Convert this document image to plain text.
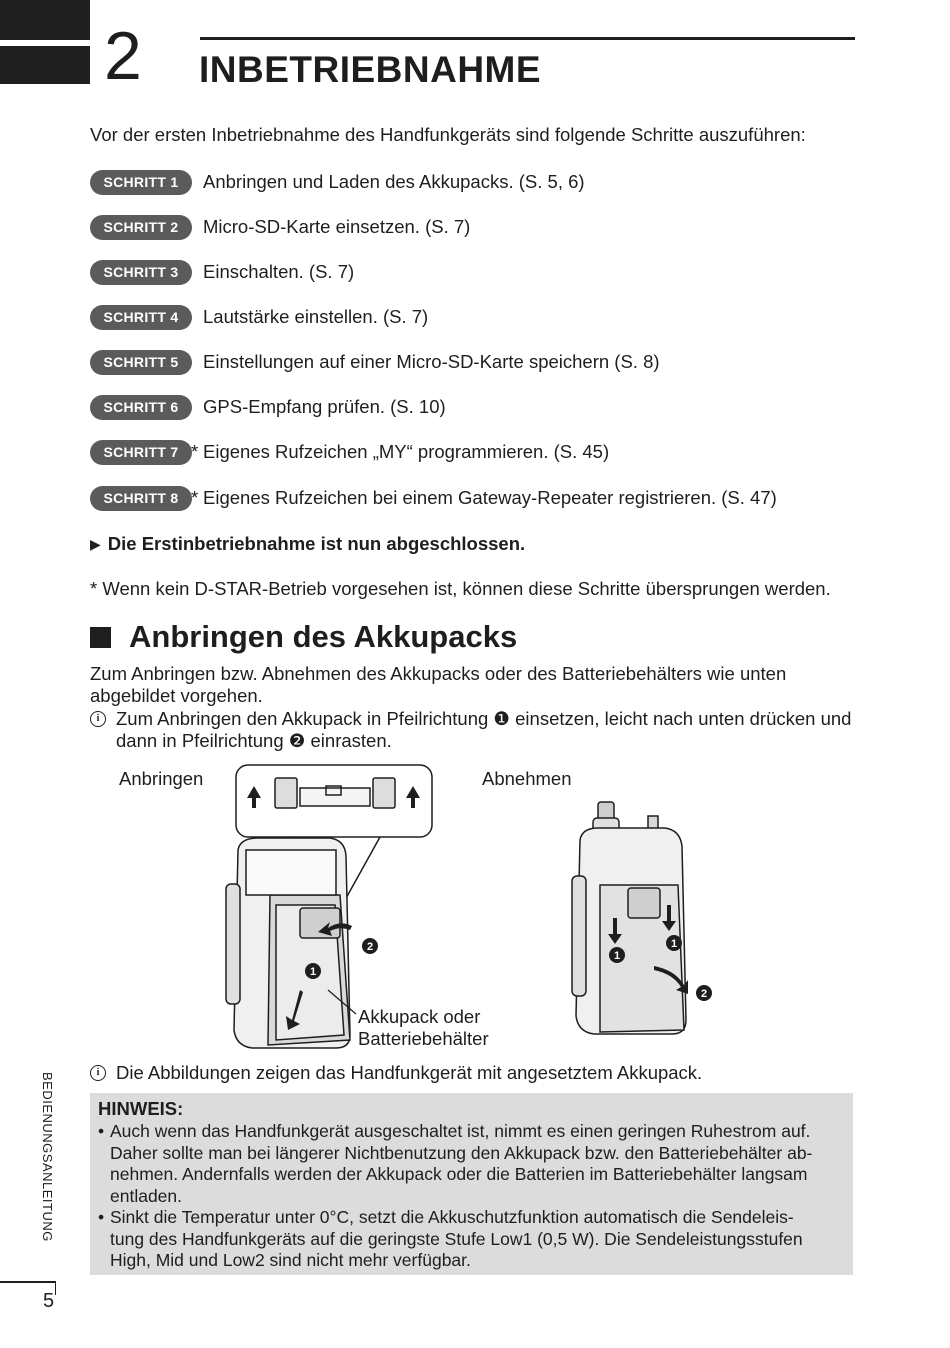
2 INBETRIEBNAHME
Vor der ersten Inbetriebnahme des Handfunkgeräts sind folgende Schritte auszuführen:
SCHRITT 1	Anbringen und Laden des Akkupacks. (S. 5, 6)
SCHRITT 2	Micro-SD-Karte einsetzen. (S. 7)
SCHRITT 3	Einschalten. (S. 7)
SCHRITT 4	Lautstärke einstellen. (S. 7)
SCHRITT 5	Einstellungen auf einer Micro-SD-Karte speichern (S. 8)
SCHRITT 6	GPS-Empfang prüfen. (S. 10)
SCHRITT 7 * Eigenes Rufzeichen „MY“ programmieren. (S. 45)
SCHRITT 8 * Eigenes Rufzeichen bei einem Gateway-Repeater registrieren. (S. 47)
▶ Die Erstinbetriebnahme ist nun abgeschlossen.
* Wenn kein D-STAR-Betrieb vorgesehen ist, können diese Schritte übersprungen werden.
Anbringen des Akkupacks
Zum Anbringen bzw. Abnehmen des Akkupacks oder des Batteriebehälters wie unten
abgebildet vorgehen.
i Zum Anbringen den Akkupack in Pfeilrichtung ❶ einsetzen, leicht nach unten drücken und
dann in Pfeilrichtung ❷ einrasten.
Anbringen	Abnehmen
2
1
1
1
2
Akkupack oder
Batteriebehälter
i Die Abbildungen zeigen das Handfunkgerät mit angesetztem Akkupack.
HINWEIS:
• Auch wenn das Handfunkgerät ausgeschaltet ist, nimmt es einen geringen Ruhestrom auf.
Daher sollte man bei längerer Nichtbenutzung den Akkupack bzw. den Batteriebehälter ab-
nehmen. Andernfalls werden der Akkupack oder die Batterien im Batteriebehälter langsam
entladen.
• Sinkt die Temperatur unter 0°C, setzt die Akkuschutzfunktion automatisch die Sendeleis-
tung des Handfunkgeräts auf die geringste Stufe Low1 (0,5 W). Die Sendeleistungsstufen
High, Mid und Low2 sind nicht mehr verfügbar.
BEDIENUNGSANLEITUNG
5
